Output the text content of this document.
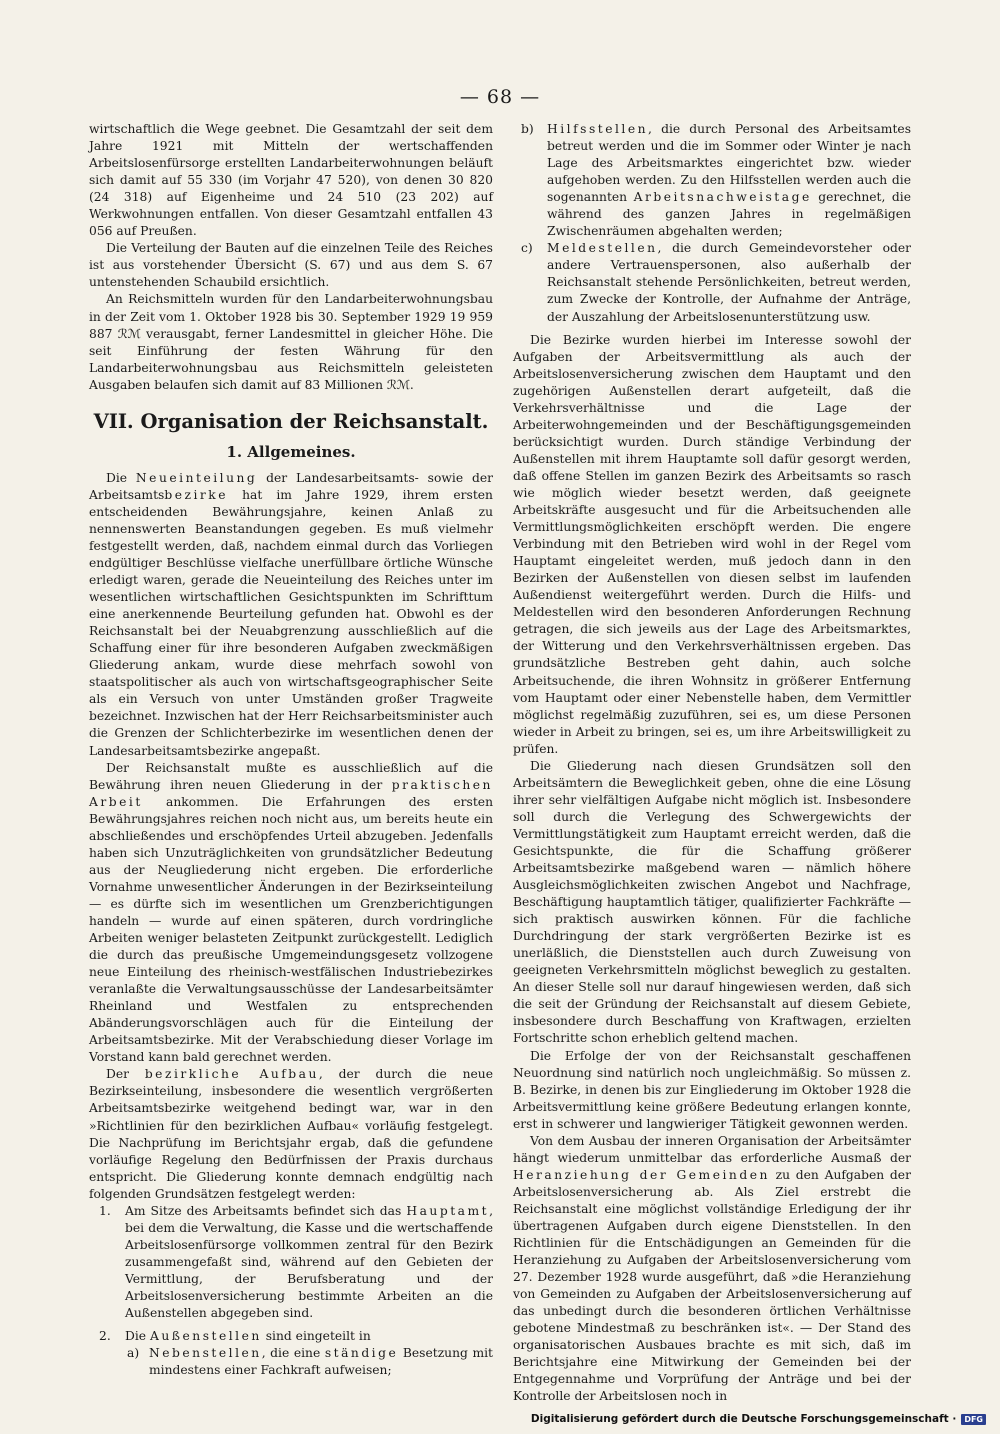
— 68 —

wirtschaftlich die Wege geebnet. Die Gesamtzahl der seit dem Jahre 1921 mit Mitteln der wertschaffenden Arbeitslosenfürsorge erstellten Landarbeiterwohnungen beläuft sich damit auf 55 330 (im Vorjahr 47 520), von denen 30 820 (24 318) auf Eigenheime und 24 510 (23 202) auf Werkwohnungen entfallen. Von dieser Gesamtzahl entfallen 43 056 auf Preußen.

Die Verteilung der Bauten auf die einzelnen Teile des Reiches ist aus vorstehender Übersicht (S. 67) und aus dem S. 67 untenstehenden Schaubild ersichtlich.

An Reichsmitteln wurden für den Landarbeiterwohnungsbau in der Zeit vom 1. Oktober 1928 bis 30. September 1929 19 959 887 ℛℳ verausgabt, ferner Landesmittel in gleicher Höhe. Die seit Einführung der festen Währung für den Landarbeiterwohnungsbau aus Reichsmitteln geleisteten Ausgaben belaufen sich damit auf 83 Millionen ℛℳ.

VII. Organisation der Reichsanstalt.
1. Allgemeines.

Die Neueinteilung der Landesarbeitsamts- sowie der Arbeitsamtsbezirke hat im Jahre 1929, ihrem ersten entscheidenden Bewährungsjahre, keinen Anlaß zu nennenswerten Beanstandungen gegeben. Es muß vielmehr festgestellt werden, daß, nachdem einmal durch das Vorliegen endgültiger Beschlüsse vielfache unerfüllbare örtliche Wünsche erledigt waren, gerade die Neueinteilung des Reiches unter im wesentlichen wirtschaftlichen Gesichtspunkten im Schrifttum eine anerkennende Beurteilung gefunden hat. Obwohl es der Reichsanstalt bei der Neuabgrenzung ausschließlich auf die Schaffung einer für ihre besonderen Aufgaben zweckmäßigen Gliederung ankam, wurde diese mehrfach sowohl von staatspolitischer als auch von wirtschaftsgeographischer Seite als ein Versuch von unter Umständen großer Tragweite bezeichnet. Inzwischen hat der Herr Reichsarbeitsminister auch die Grenzen der Schlichterbezirke im wesentlichen denen der Landesarbeitsamtsbezirke angepaßt.

Der Reichsanstalt mußte es ausschließlich auf die Bewährung ihren neuen Gliederung in der praktischen Arbeit ankommen. Die Erfahrungen des ersten Bewährungsjahres reichen noch nicht aus, um bereits heute ein abschließendes und erschöpfendes Urteil abzugeben. Jedenfalls haben sich Unzuträglichkeiten von grundsätzlicher Bedeutung aus der Neugliederung nicht ergeben. Die erforderliche Vornahme unwesentlicher Änderungen in der Bezirkseinteilung — es dürfte sich im wesentlichen um Grenzberichtigungen handeln — wurde auf einen späteren, durch vordringliche Arbeiten weniger belasteten Zeitpunkt zurückgestellt. Lediglich die durch das preußische Umgemeindungsgesetz vollzogene neue Einteilung des rheinisch-westfälischen Industriebezirkes veranlaßte die Verwaltungsausschüsse der Landesarbeitsämter Rheinland und Westfalen zu entsprechenden Abänderungsvorschlägen auch für die Einteilung der Arbeitsamtsbezirke. Mit der Verabschiedung dieser Vorlage im Vorstand kann bald gerechnet werden.

Der bezirkliche Aufbau, der durch die neue Bezirkseinteilung, insbesondere die wesentlich vergrößerten Arbeitsamtsbezirke weitgehend bedingt war, war in den »Richtlinien für den bezirklichen Aufbau« vorläufig festgelegt. Die Nachprüfung im Berichtsjahr ergab, daß die gefundene vorläufige Regelung den Bedürfnissen der Praxis durchaus entspricht. Die Gliederung konnte demnach endgültig nach folgenden Grundsätzen festgelegt werden:

1.	Am Sitze des Arbeitsamts befindet sich das Hauptamt, bei dem die Verwaltung, die Kasse und die wertschaffende Arbeitslosenfürsorge vollkommen zentral für den Bezirk zusammengefaßt sind, während auf den Gebieten der Vermittlung, der Berufsberatung und der Arbeitslosenversicherung bestimmte Arbeiten an die Außenstellen abgegeben sind.
2.	Die Außenstellen sind eingeteilt in
a) Nebenstellen, die eine ständige Besetzung mit mindestens einer Fachkraft aufweisen;
b)	Hilfsstellen, die durch Personal des Arbeitsamtes betreut werden und die im Sommer oder Winter je nach Lage des Arbeitsmarktes eingerichtet bzw. wieder aufgehoben werden. Zu den Hilfsstellen werden auch die sogenannten Arbeitsnachweistage gerechnet, die während des ganzen Jahres in regelmäßigen Zwischenräumen abgehalten werden;
c)	Meldestellen, die durch Gemeindevorsteher oder andere Vertrauenspersonen, also außerhalb der Reichsanstalt stehende Persönlichkeiten, betreut werden, zum Zwecke der Kontrolle, der Aufnahme der Anträge, der Auszahlung der Arbeitslosenunterstützung usw.

Die Bezirke wurden hierbei im Interesse sowohl der Aufgaben der Arbeitsvermittlung als auch der Arbeitslosenversicherung zwischen dem Hauptamt und den zugehörigen Außenstellen derart aufgeteilt, daß die Verkehrsverhältnisse und die Lage der Arbeiterwohngemeinden und der Beschäftigungsgemeinden berücksichtigt wurden. Durch ständige Verbindung der Außenstellen mit ihrem Hauptamte soll dafür gesorgt werden, daß offene Stellen im ganzen Bezirk des Arbeitsamts so rasch wie möglich wieder besetzt werden, daß geeignete Arbeitskräfte ausgesucht und für die Arbeitsuchenden alle Vermittlungsmöglichkeiten erschöpft werden. Die engere Verbindung mit den Betrieben wird wohl in der Regel vom Hauptamt eingeleitet werden, muß jedoch dann in den Bezirken der Außenstellen von diesen selbst im laufenden Außendienst weitergeführt werden. Durch die Hilfs- und Meldestellen wird den besonderen Anforderungen Rechnung getragen, die sich jeweils aus der Lage des Arbeitsmarktes, der Witterung und den Verkehrsverhältnissen ergeben. Das grundsätzliche Bestreben geht dahin, auch solche Arbeitsuchende, die ihren Wohnsitz in größerer Entfernung vom Hauptamt oder einer Nebenstelle haben, dem Vermittler möglichst regelmäßig zuzuführen, sei es, um diese Personen wieder in Arbeit zu bringen, sei es, um ihre Arbeitswilligkeit zu prüfen.

Die Gliederung nach diesen Grundsätzen soll den Arbeitsämtern die Beweglichkeit geben, ohne die eine Lösung ihrer sehr vielfältigen Aufgabe nicht möglich ist. Insbesondere soll durch die Verlegung des Schwergewichts der Vermittlungstätigkeit zum Hauptamt erreicht werden, daß die Gesichtspunkte, die für die Schaffung größerer Arbeitsamtsbezirke maßgebend waren — nämlich höhere Ausgleichsmöglichkeiten zwischen Angebot und Nachfrage, Beschäftigung hauptamtlich tätiger, qualifizierter Fachkräfte — sich praktisch auswirken können. Für die fachliche Durchdringung der stark vergrößerten Bezirke ist es unerläßlich, die Dienststellen auch durch Zuweisung von geeigneten Verkehrsmitteln möglichst beweglich zu gestalten. An dieser Stelle soll nur darauf hingewiesen werden, daß sich die seit der Gründung der Reichsanstalt auf diesem Gebiete, insbesondere durch Beschaffung von Kraftwagen, erzielten Fortschritte schon erheblich geltend machen.

Die Erfolge der von der Reichsanstalt geschaffenen Neuordnung sind natürlich noch ungleichmäßig. So müssen z. B. Bezirke, in denen bis zur Eingliederung im Oktober 1928 die Arbeitsvermittlung keine größere Bedeutung erlangen konnte, erst in schwerer und langwieriger Tätigkeit gewonnen werden.

Von dem Ausbau der inneren Organisation der Arbeitsämter hängt wiederum unmittelbar das erforderliche Ausmaß der Heranziehung der Gemeinden zu den Aufgaben der Arbeitslosenversicherung ab. Als Ziel erstrebt die Reichsanstalt eine möglichst vollständige Erledigung der ihr übertragenen Aufgaben durch eigene Dienststellen. In den Richtlinien für die Entschädigungen an Gemeinden für die Heranziehung zu Aufgaben der Arbeitslosenversicherung vom 27. Dezember 1928 wurde ausgeführt, daß »die Heranziehung von Gemeinden zu Aufgaben der Arbeitslosenversicherung auf das unbedingt durch die besonderen örtlichen Verhältnisse gebotene Mindestmaß zu beschränken ist«. — Der Stand des organisatorischen Ausbaues brachte es mit sich, daß im Berichtsjahre eine Mitwirkung der Gemeinden bei der Entgegennahme und Vorprüfung der Anträge und bei der Kontrolle der Arbeitslosen noch in

Digitalisierung gefördert durch die Deutsche Forschungsgemeinschaft ·	DFG
